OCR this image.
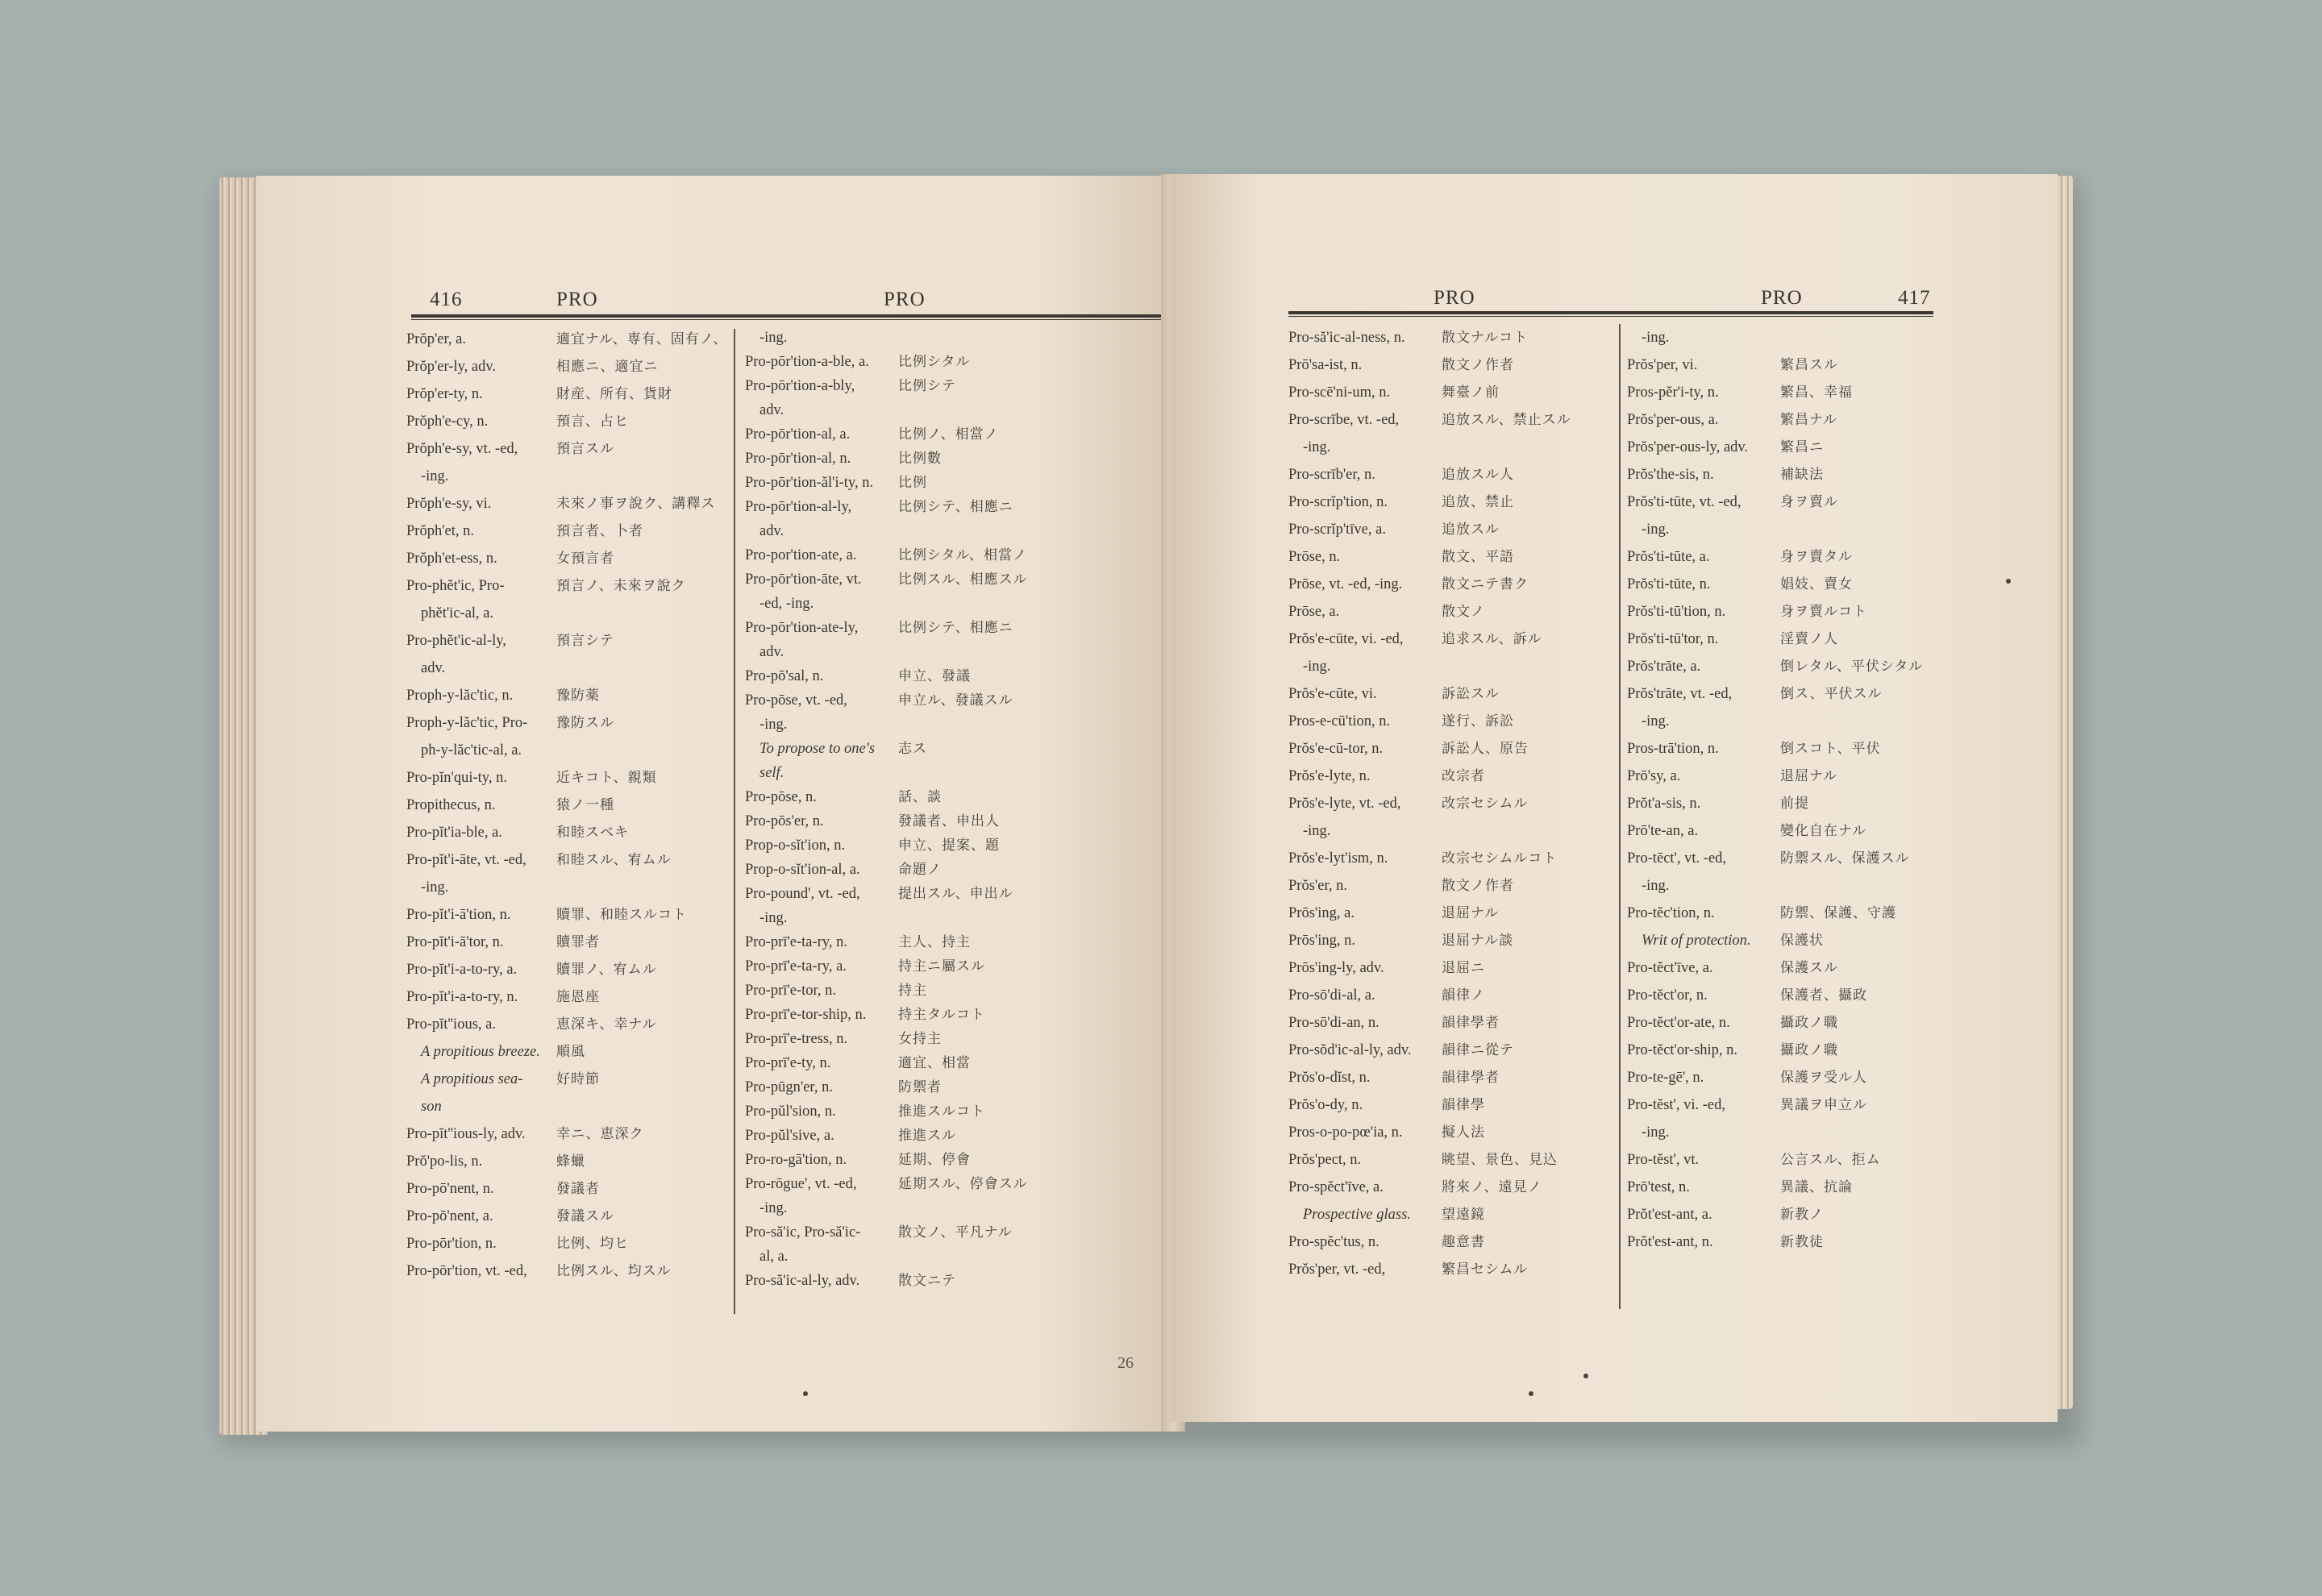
416	PRO	PRO
Prŏp'er, a.	適宜ナル、専有、固有ノ、
Prŏp'er-ly, adv.	相應ニ、適宜ニ
Prŏp'er-ty, n.	財産、所有、貨財
Prŏph'e-cy, n.	預言、占ヒ
Prŏph'e-sy, vt. -ed,	預言スル
-ing.
Prŏph'e-sy, vi.	未來ノ事ヲ說ク、講釋ス
Prŏph'et, n.	預言者、卜者
Prŏph'et-ess, n.	女預言者
Pro-phĕt'ic, Pro-	預言ノ、未來ヲ說ク
phĕt'ic-al, a.
Pro-phĕt'ic-al-ly,	預言シテ
adv.
Proph-y-lăc'tic, n.	豫防薬
Proph-y-lăc'tic, Pro- 豫防スル
ph-y-lăc'tic-al, a.
Pro-pĭn'qui-ty, n.	近キコト、親類
Propithecus, n.	猿ノ一種
Pro-pĭt'ia-ble, a.	和睦スベキ
Pro-pĭt'i-āte, vt. -ed, 和睦スル、宥ムル
-ing.
Pro-pĭt'i-ā'tion, n.	贖罪、和睦スルコト
Pro-pĭt'i-ā'tor, n.	贖罪者
Pro-pĭt'i-a-to-ry, a.	贖罪ノ、宥ムル
Pro-pĭt'i-a-to-ry, n.	施恩座
Pro-pĭt''ious, a.	恵深キ、幸ナル
A propitious breeze. 順風
A propitious sea- 好時節
son
Pro-pĭt''ious-ly, adv. 幸ニ、恵深ク
Prŏ'po-lis, n.	蜂蠟
Pro-pō'nent, n.	發議者
Pro-pō'nent, a.	發議スル
Pro-pōr'tion, n.	比例、均ヒ
Pro-pōr'tion, vt. -ed, 比例スル、均スル
-ing.
Pro-pōr'tion-a-ble, a. 比例シタル
Pro-pōr'tion-a-bly,	比例シテ
adv.
Pro-pōr'tion-al, a.	比例ノ、相當ノ
Pro-pōr'tion-al, n.	比例數
Pro-pōr'tion-ăl'i-ty, n. 比例
Pro-pōr'tion-al-ly,	比例シテ、相應ニ
adv.
Pro-por'tion-ate, a.	比例シタル、相當ノ
Pro-pōr'tion-āte, vt.	比例スル、相應スル
-ed, -ing.
Pro-pōr'tion-ate-ly,	比例シテ、相應ニ
adv.
Pro-pō'sal, n.	申立、發議
Pro-pōse, vt. -ed,	申立ル、發議スル
-ing.
To propose to one's 志ス
self.
Pro-pōse, n.	話、談
Pro-pōs'er, n.	發議者、申出人
Prop-o-sĭt'ion, n.	申立、提案、題
Prop-o-sĭt'ion-al, a.	命題ノ
Pro-pound', vt. -ed,	提出スル、申出ル
-ing.
Pro-prī'e-ta-ry, n.	主人、持主
Pro-prī'e-ta-ry, a.	持主ニ屬スル
Pro-prī'e-tor, n.	持主
Pro-prī'e-tor-ship, n. 持主タルコト
Pro-prī'e-tress, n.	女持主
Pro-prī'e-ty, n.	適宜、相當
Pro-pūgn'er, n.	防禦者
Pro-pŭl'sion, n.	推進スルコト
Pro-pŭl'sive, a.	推進スル
Pro-ro-gā'tion, n.	延期、停會
Pro-rōgue', vt. -ed,	延期スル、停會スル
-ing.
Pro-să'ic, Pro-să'ic-	散文ノ、平凡ナル
al, a.
Pro-să'ic-al-ly, adv.	散文ニテ
26
PRO	PRO	417
Pro-să'ic-al-ness, n.	散文ナルコト
Prō'sa-ist, n.	散文ノ作者
Pro-scē'ni-um, n.	舞臺ノ前
Pro-scrībe, vt. -ed,	追放スル、禁止スル
-ing.
Pro-scrīb'er, n.	追放スル人
Pro-scrĭp'tion, n.	追放、禁止
Pro-scrĭp'tīve, a.	追放スル
Prōse, n.	散文、平語
Prōse, vt. -ed, -ing.	散文ニテ書ク
Prōse, a.	散文ノ
Prŏs'e-cūte, vi. -ed,	追求スル、訴ル
-ing.
Prŏs'e-cūte, vi.	訴訟スル
Pros-e-cū'tion, n.	遂行、訴訟
Prŏs'e-cū-tor, n.	訴訟人、原告
Prŏs'e-lyte, n.	改宗者
Prŏs'e-lyte, vt. -ed,	改宗セシムル
-ing.
Prŏs'e-lyt'ism, n.	改宗セシムルコト
Prŏs'er, n.	散文ノ作者
Prōs'ing, a.	退屈ナル
Prōs'ing, n.	退屈ナル談
Prōs'ing-ly, adv.	退屈ニ
Pro-sō'di-al, a.	韻律ノ
Pro-sō'di-an, n.	韻律學者
Pro-sŏd'ic-al-ly, adv. 韻律ニ從テ
Prŏs'o-dĭst, n.	韻律學者
Prŏs'o-dy, n.	韻律學
Pros-o-po-pœ'ia, n.	擬人法
Prŏs'pect, n.	眺望、景色、見込
Pro-spĕct'īve, a.	將來ノ、遠見ノ
Prospective glass. 望遠鏡
Pro-spĕc'tus, n.	趣意書
Prŏs'per, vt. -ed,	繁昌セシムル
-ing.
Prŏs'per, vi.	繁昌スル
Pros-pĕr'i-ty, n.	繁昌、幸福
Prŏs'per-ous, a.	繁昌ナル
Prŏs'per-ous-ly, adv. 繁昌ニ
Prŏs'the-sis, n.	補缺法
Prŏs'ti-tūte, vt. -ed,	身ヲ賣ル
-ing.
Prŏs'ti-tūte, a.	身ヲ賣タル
Prŏs'ti-tūte, n.	娼妓、賣女
Prŏs'ti-tū'tion, n.	身ヲ賣ルコト
Prŏs'ti-tū'tor, n.	淫賣ノ人
Prŏs'trāte, a.	倒レタル、平伏シタル
Prŏs'trāte, vt. -ed,	倒ス、平伏スル
-ing.
Pros-trā'tion, n.	倒スコト、平伏
Prō'sy, a.	退屈ナル
Prŏt'a-sis, n.	前提
Prō'te-an, a.	變化自在ナル
Pro-tēct', vt. -ed,	防禦スル、保護スル
-ing.
Pro-tĕc'tion, n.	防禦、保護、守護
Writ of protection. 保護状
Pro-tĕct'īve, a.	保護スル
Pro-tĕct'or, n.	保護者、攝政
Pro-tĕct'or-ate, n.	攝政ノ職
Pro-tĕct'or-ship, n.	攝政ノ職
Pro-te-gē', n.	保護ヲ受ル人
Pro-tĕst', vi. -ed,	異議ヲ申立ル
-ing.
Pro-tĕst', vt.	公言スル、拒ム
Prō'test, n.	異議、抗論
Prŏt'est-ant, a.	新教ノ
Prŏt'est-ant, n.	新教徒
